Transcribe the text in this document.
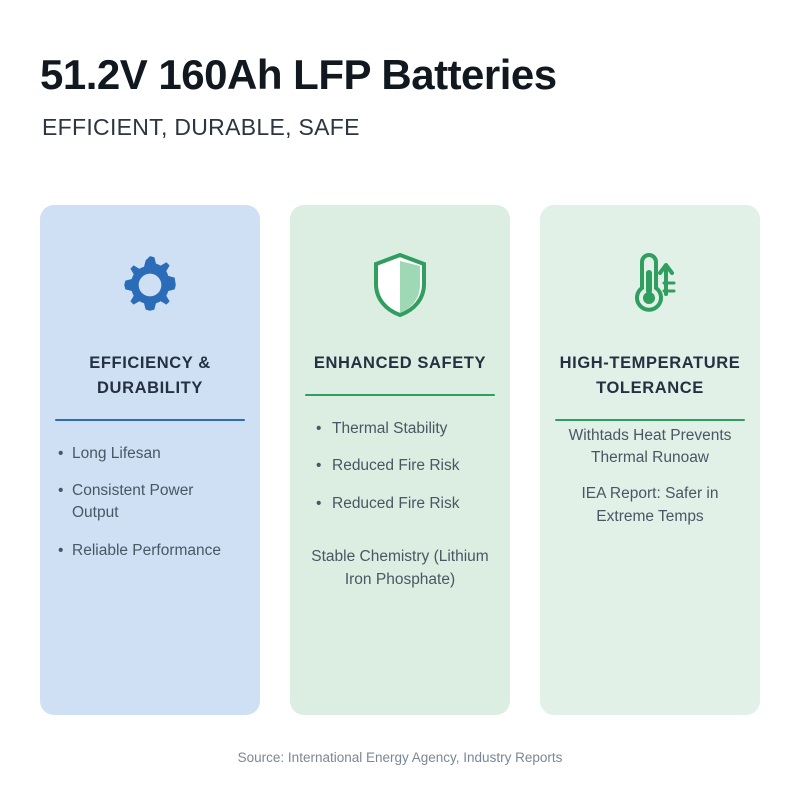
51.2V 160Ah LFP Batteries
EFFICIENT, DURABLE, SAFE
EFFICIENCY & DURABILITY
• Long Lifesan
• Consistent Power Output
• Reliable Performance
ENHANCED SAFETY
• Thermal Stability
• Reduced Fire Risk
• Reduced Fire Risk
Stable Chemistry (Lithium Iron Phosphate)
HIGH-TEMPERATURE TOLERANCE

Withtads Heat Prevents Thermal Runoaw

IEA Report: Safer in Extreme Temps

Source: International Energy Agency, Industry Reports
